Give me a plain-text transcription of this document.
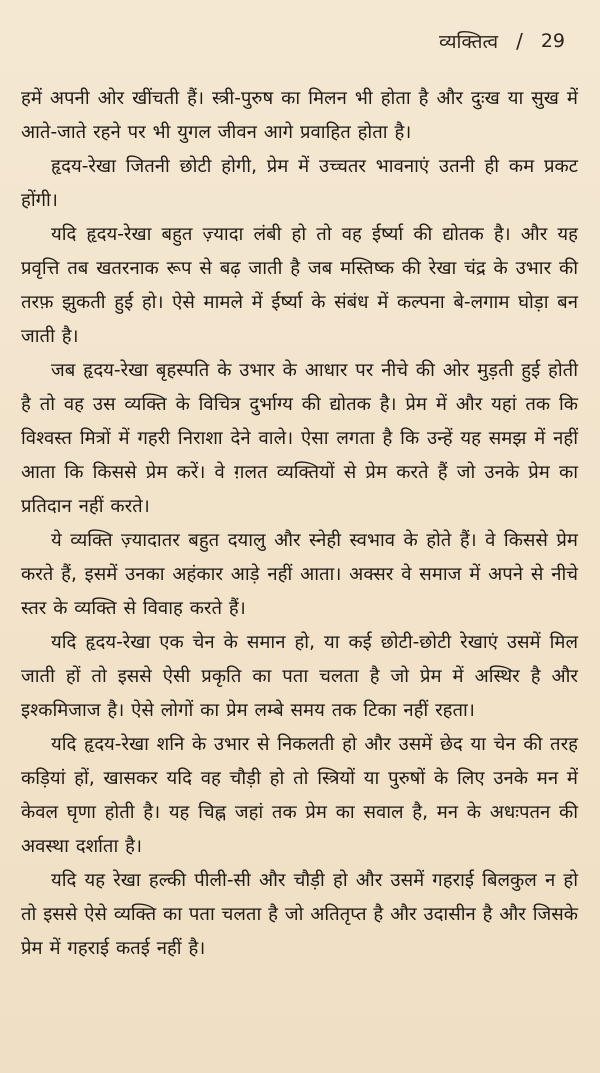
व्यक्तित्व / 29

हमें अपनी ओर खींचती हैं। स्त्री-पुरुष का मिलन भी होता है और दुःख या सुख में आते-जाते रहने पर भी युगल जीवन आगे प्रवाहित होता है।

हृदय-रेखा जितनी छोटी होगी, प्रेम में उच्चतर भावनाएं उतनी ही कम प्रकट होंगी।

यदि हृदय-रेखा बहुत ज़्यादा लंबी हो तो वह ईर्ष्या की द्योतक है। और यह प्रवृत्ति तब खतरनाक रूप से बढ़ जाती है जब मस्तिष्क की रेखा चंद्र के उभार की तरफ़ झुकती हुई हो। ऐसे मामले में ईर्ष्या के संबंध में कल्पना बे-लगाम घोड़ा बन जाती है।

जब हृदय-रेखा बृहस्पति के उभार के आधार पर नीचे की ओर मुड़ती हुई होती है तो वह उस व्यक्ति के विचित्र दुर्भाग्य की द्योतक है। प्रेम में और यहां तक कि विश्वस्त मित्रों में गहरी निराशा देने वाले। ऐसा लगता है कि उन्हें यह समझ में नहीं आता कि किससे प्रेम करें। वे ग़लत व्यक्तियों से प्रेम करते हैं जो उनके प्रेम का प्रतिदान नहीं करते।

ये व्यक्ति ज़्यादातर बहुत दयालु और स्नेही स्वभाव के होते हैं। वे किससे प्रेम करते हैं, इसमें उनका अहंकार आड़े नहीं आता। अक्सर वे समाज में अपने से नीचे स्तर के व्यक्ति से विवाह करते हैं।

यदि हृदय-रेखा एक चेन के समान हो, या कई छोटी-छोटी रेखाएं उसमें मिल जाती हों तो इससे ऐसी प्रकृति का पता चलता है जो प्रेम में अस्थिर है और इश्कमिजाज है। ऐसे लोगों का प्रेम लम्बे समय तक टिका नहीं रहता।

यदि हृदय-रेखा शनि के उभार से निकलती हो और उसमें छेद या चेन की तरह कड़ियां हों, खासकर यदि वह चौड़ी हो तो स्त्रियों या पुरुषों के लिए उनके मन में केवल घृणा होती है। यह चिह्न जहां तक प्रेम का सवाल है, मन के अधःपतन की अवस्था दर्शाता है।

यदि यह रेखा हल्की पीली-सी और चौड़ी हो और उसमें गहराई बिलकुल न हो तो इससे ऐसे व्यक्ति का पता चलता है जो अतितृप्त है और उदासीन है और जिसके प्रेम में गहराई कतई नहीं है।
